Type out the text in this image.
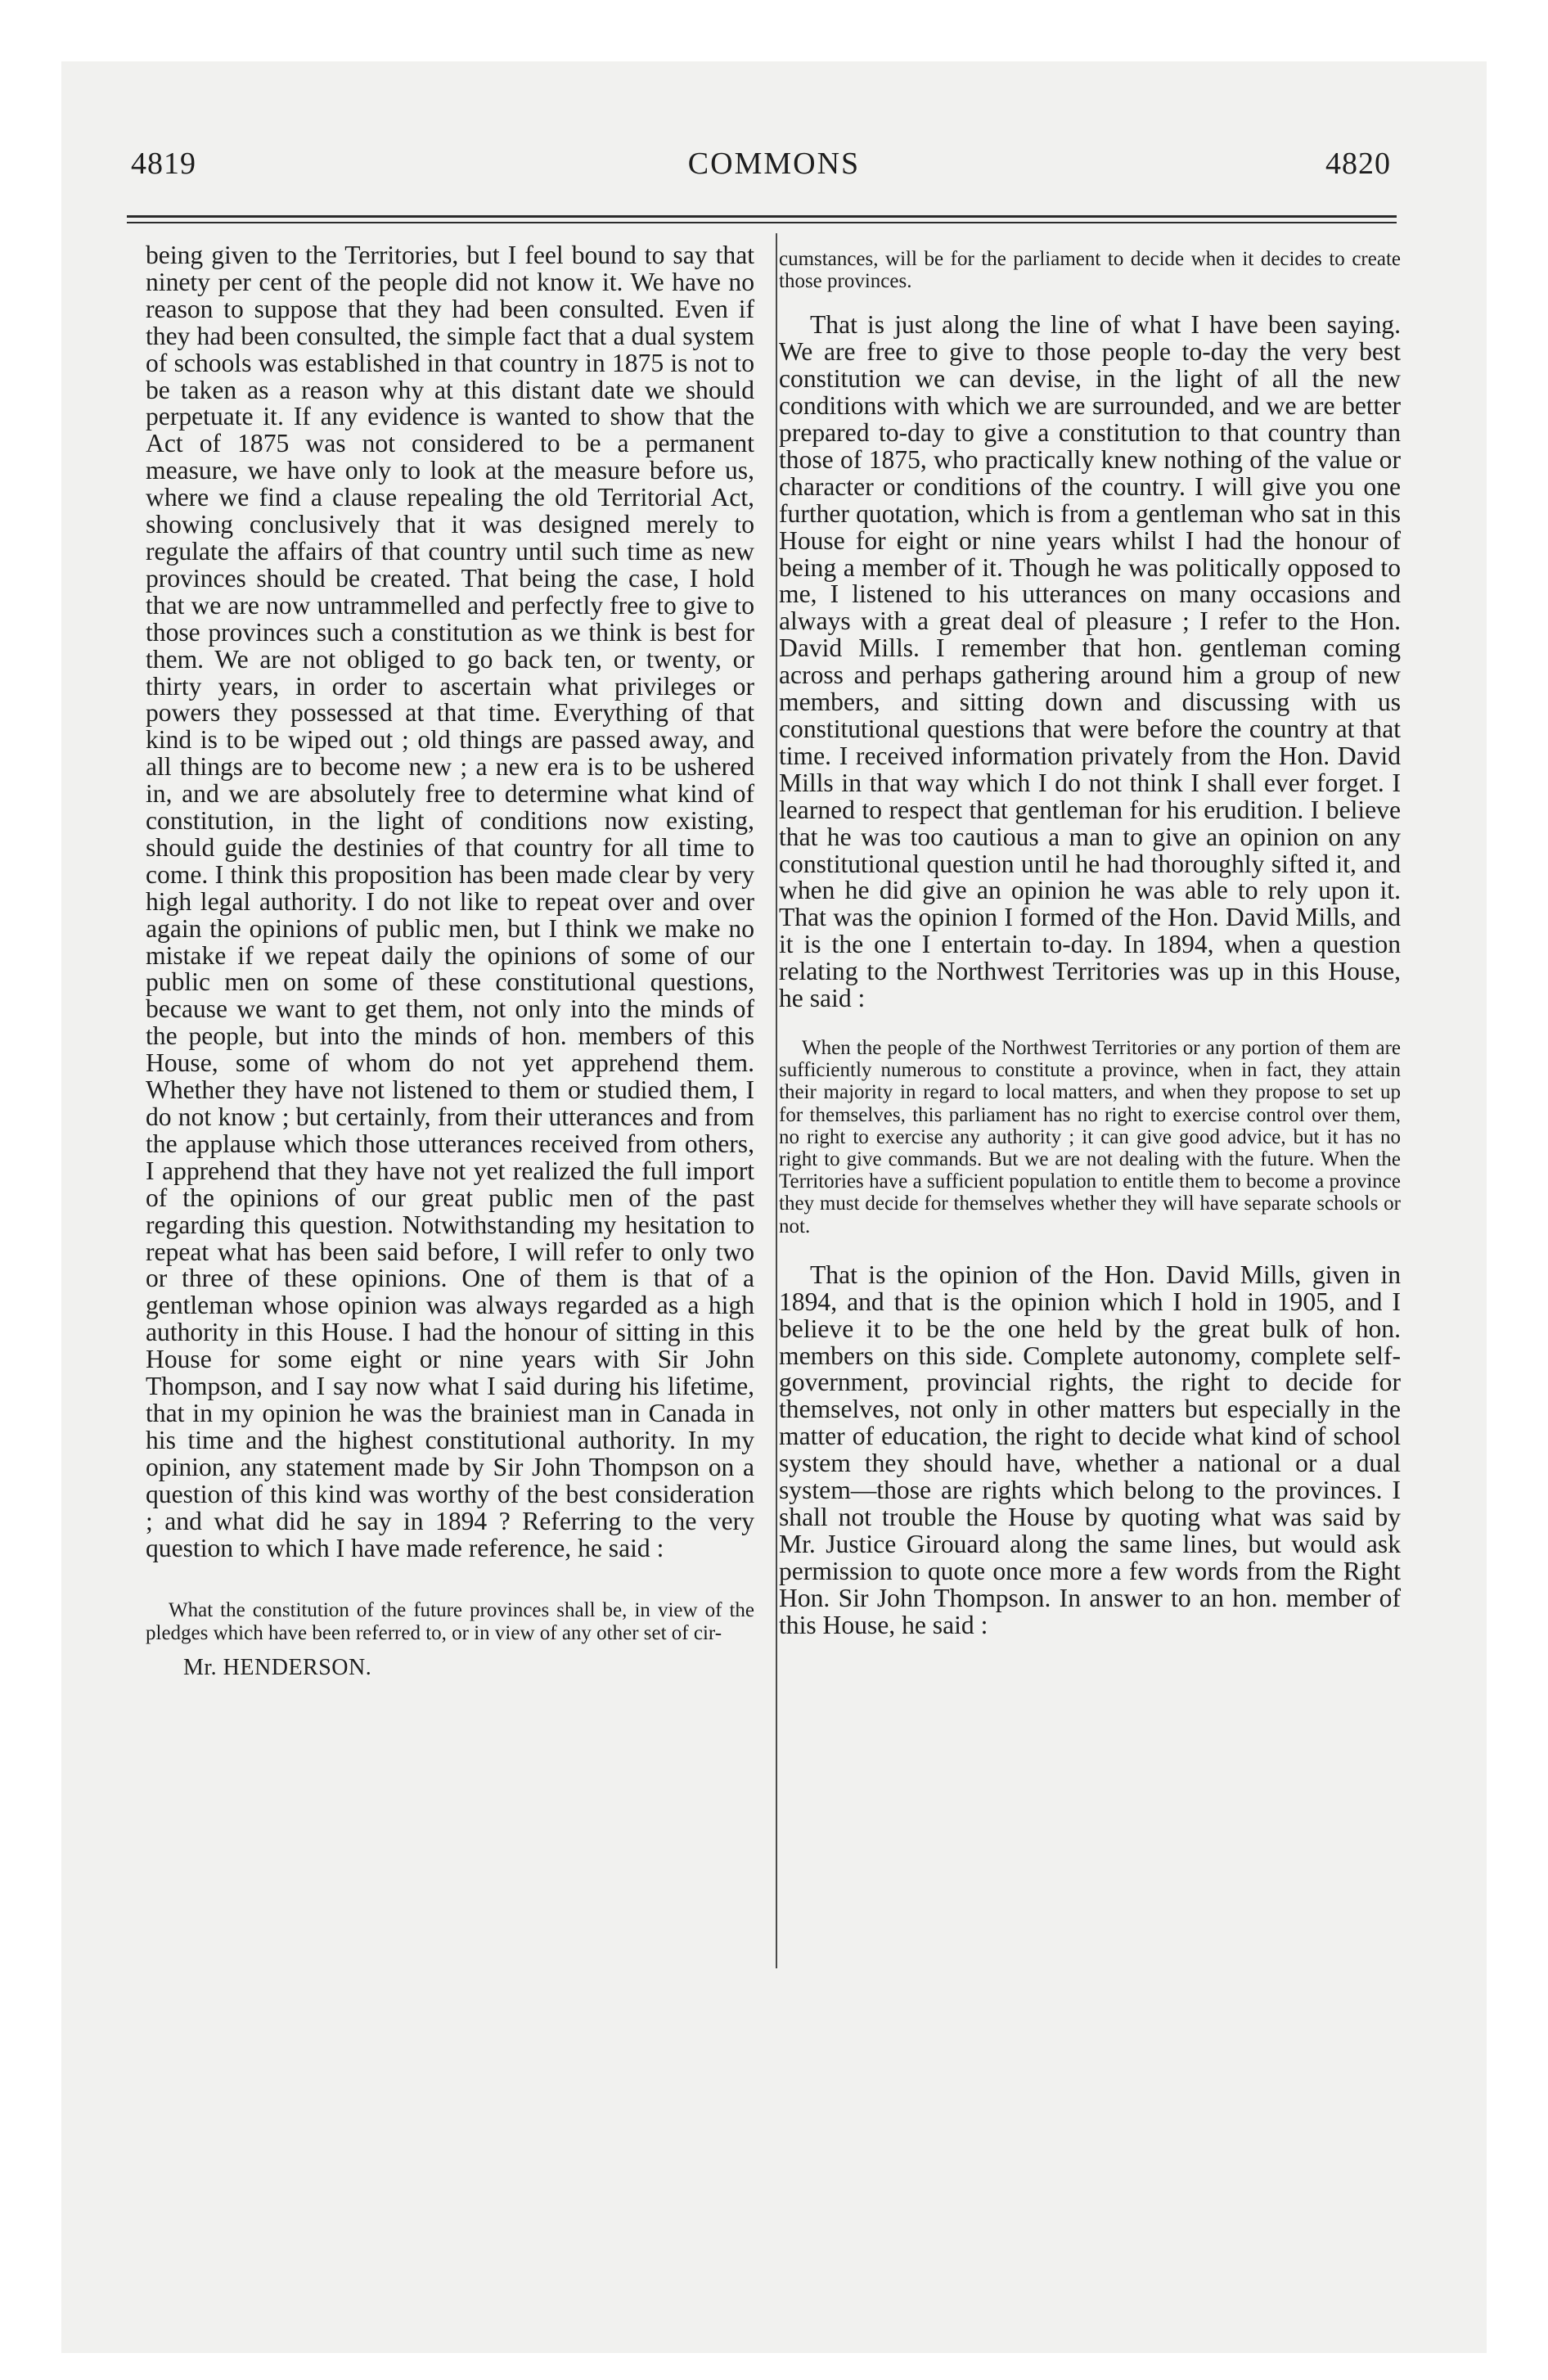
4819	COMMONS	4820

being given to the Territories, but I feel bound to say that ninety per cent of the people did not know it. We have no reason to suppose that they had been consulted. Even if they had been consulted, the simple fact that a dual system of schools was established in that country in 1875 is not to be taken as a reason why at this distant date we should perpetuate it. If any evidence is wanted to show that the Act of 1875 was not considered to be a permanent measure, we have only to look at the measure before us, where we find a clause repealing the old Territorial Act, showing conclusively that it was designed merely to regulate the affairs of that country until such time as new provinces should be created. That being the case, I hold that we are now untrammelled and perfectly free to give to those provinces such a constitution as we think is best for them. We are not obliged to go back ten, or twenty, or thirty years, in order to ascertain what privileges or powers they possessed at that time. Everything of that kind is to be wiped out ; old things are passed away, and all things are to become new ; a new era is to be ushered in, and we are absolutely free to determine what kind of constitution, in the light of conditions now existing, should guide the destinies of that country for all time to come. I think this proposition has been made clear by very high legal authority. I do not like to repeat over and over again the opinions of public men, but I think we make no mistake if we repeat daily the opinions of some of our public men on some of these constitutional questions, because we want to get them, not only into the minds of the people, but into the minds of hon. members of this House, some of whom do not yet apprehend them. Whether they have not listened to them or studied them, I do not know ; but certainly, from their utterances and from the applause which those utterances received from others, I apprehend that they have not yet realized the full import of the opinions of our great public men of the past regarding this question. Notwithstanding my hesitation to repeat what has been said before, I will refer to only two or three of these opinions. One of them is that of a gentleman whose opinion was always regarded as a high authority in this House. I had the honour of sitting in this House for some eight or nine years with Sir John Thompson, and I say now what I said during his lifetime, that in my opinion he was the brainiest man in Canada in his time and the highest constitutional authority. In my opinion, any statement made by Sir John Thompson on a question of this kind was worthy of the best consideration ; and what did he say in 1894 ? Referring to the very question to which I have made reference, he said :

What the constitution of the future provinces shall be, in view of the pledges which have been referred to, or in view of any other set of cir-

Mr. HENDERSON.

cumstances, will be for the parliament to decide when it decides to create those provinces.

That is just along the line of what I have been saying. We are free to give to those people to-day the very best constitution we can devise, in the light of all the new conditions with which we are surrounded, and we are better prepared to-day to give a constitution to that country than those of 1875, who practically knew nothing of the value or character or conditions of the country. I will give you one further quotation, which is from a gentleman who sat in this House for eight or nine years whilst I had the honour of being a member of it. Though he was politically opposed to me, I listened to his utterances on many occasions and always with a great deal of pleasure ; I refer to the Hon. David Mills. I remember that hon. gentleman coming across and perhaps gathering around him a group of new members, and sitting down and discussing with us constitutional questions that were before the country at that time. I received information privately from the Hon. David Mills in that way which I do not think I shall ever forget. I learned to respect that gentleman for his erudition. I believe that he was too cautious a man to give an opinion on any constitutional question until he had thoroughly sifted it, and when he did give an opinion he was able to rely upon it. That was the opinion I formed of the Hon. David Mills, and it is the one I entertain to-day. In 1894, when a question relating to the Northwest Territories was up in this House, he said :

When the people of the Northwest Territories or any portion of them are sufficiently numerous to constitute a province, when in fact, they attain their majority in regard to local matters, and when they propose to set up for themselves, this parliament has no right to exercise control over them, no right to exercise any authority ; it can give good advice, but it has no right to give commands. But we are not dealing with the future. When the Territories have a sufficient population to entitle them to become a province they must decide for themselves whether they will have separate schools or not.

That is the opinion of the Hon. David Mills, given in 1894, and that is the opinion which I hold in 1905, and I believe it to be the one held by the great bulk of hon. members on this side. Complete autonomy, complete self-government, provincial rights, the right to decide for themselves, not only in other matters but especially in the matter of education, the right to decide what kind of school system they should have, whether a national or a dual system—those are rights which belong to the provinces. I shall not trouble the House by quoting what was said by Mr. Justice Girouard along the same lines, but would ask permission to quote once more a few words from the Right Hon. Sir John Thompson. In answer to an hon. member of this House, he said :
